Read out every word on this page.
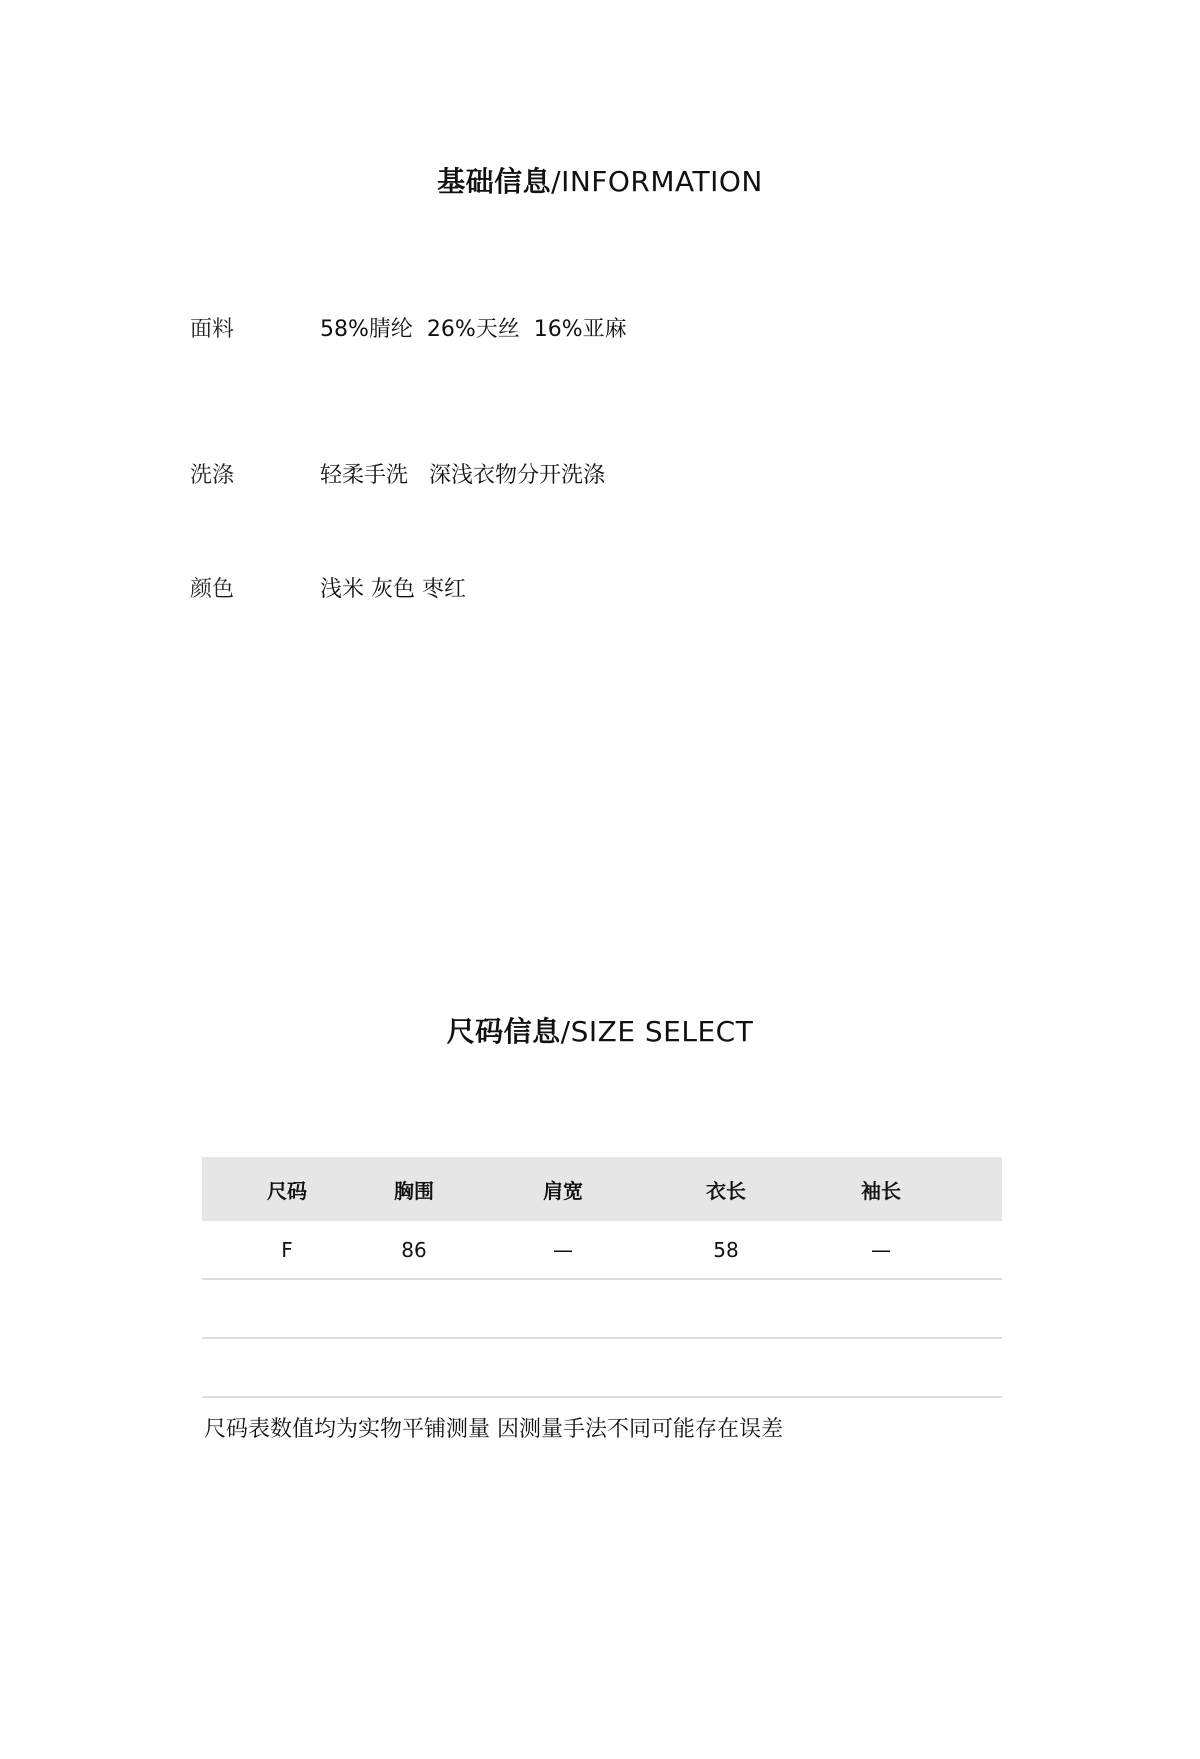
基础信息/INFORMATION
面料	58%腈纶  26%天丝  16%亚麻
洗涤	轻柔手洗   深浅衣物分开洗涤
颜色	浅米 灰色 枣红
尺码信息/SIZE SELECT
尺码	胸围	肩宽	衣长	袖长
F	86	—	58	—
尺码表数值均为实物平铺测量 因测量手法不同可能存在误差
